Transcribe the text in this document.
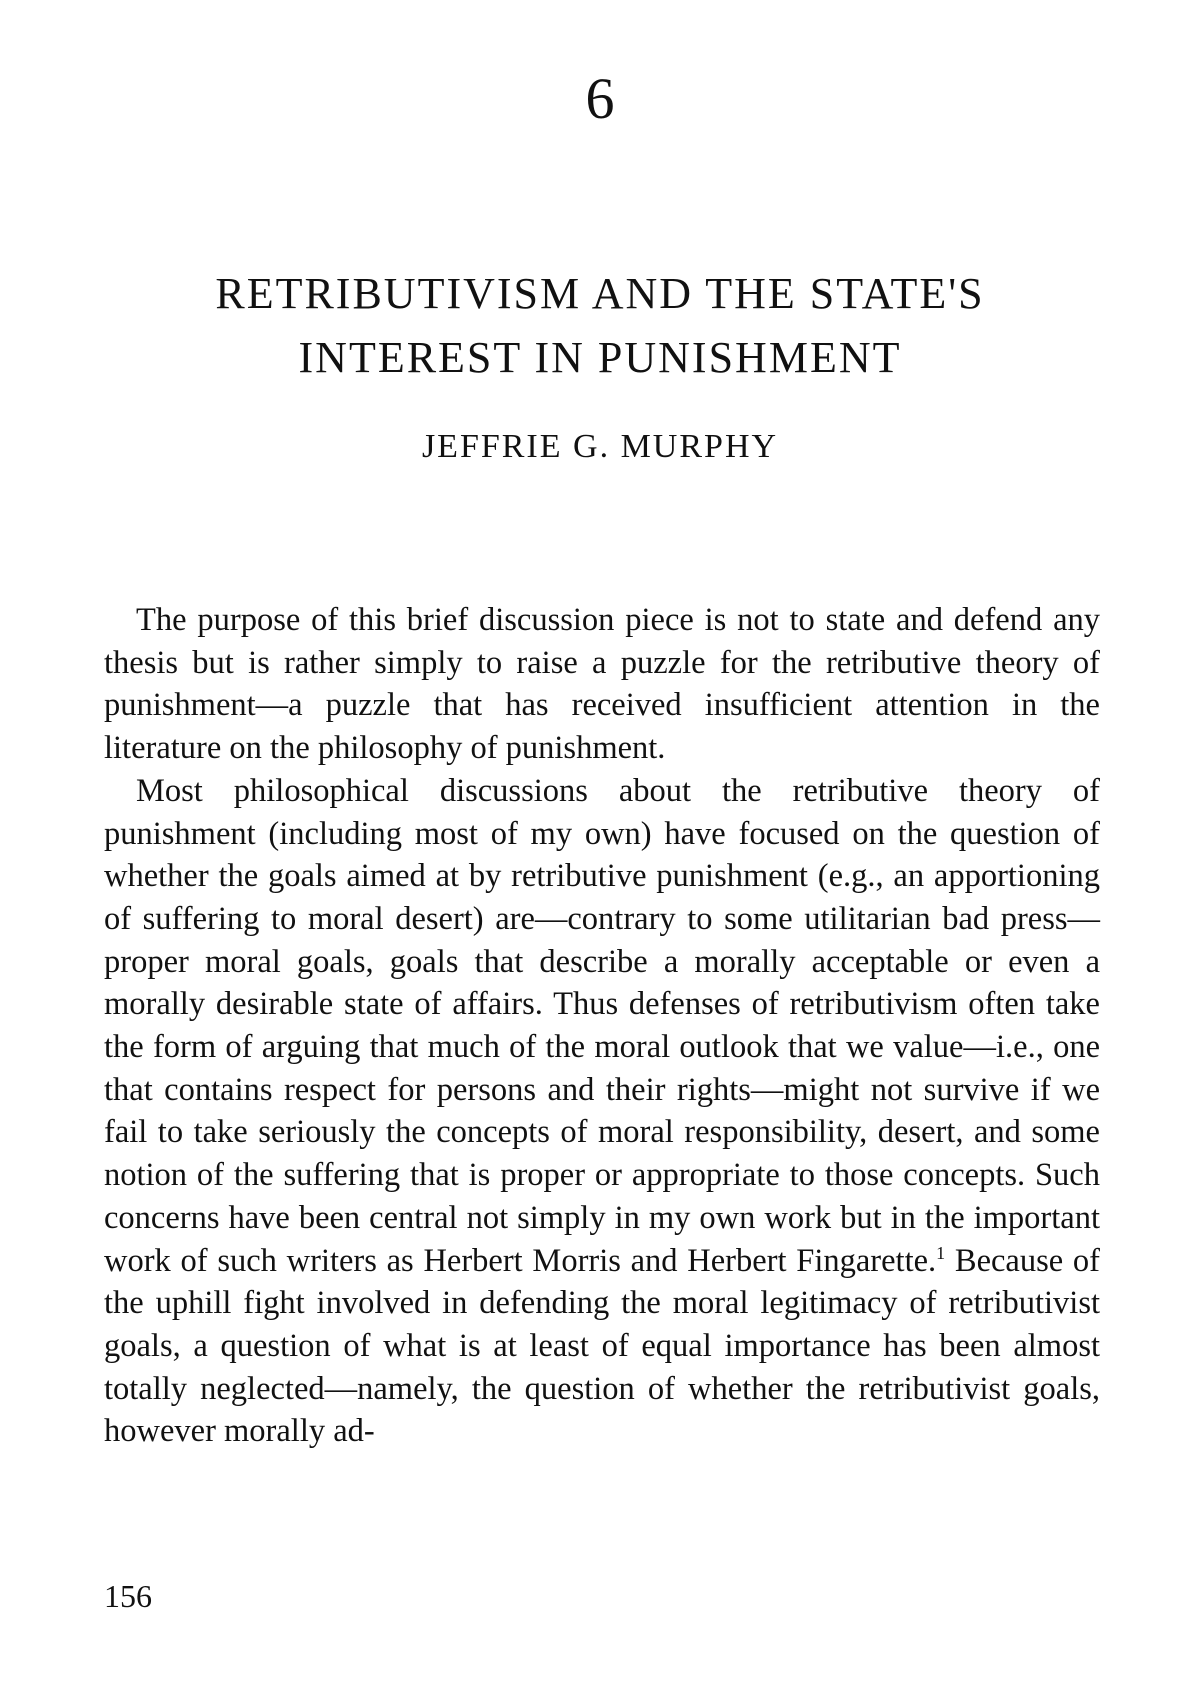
6
RETRIBUTIVISM AND THE STATE'S
INTEREST IN PUNISHMENT
JEFFRIE G. MURPHY

The purpose of this brief discussion piece is not to state and defend any thesis but is rather simply to raise a puzzle for the retributive theory of punishment—a puzzle that has received insufficient attention in the literature on the philosophy of punishment.

Most philosophical discussions about the retributive theory of punishment (including most of my own) have focused on the question of whether the goals aimed at by retributive punishment (e.g., an apportioning of suffering to moral desert) are—contrary to some utilitarian bad press—proper moral goals, goals that describe a morally acceptable or even a morally desirable state of affairs. Thus defenses of retributivism often take the form of arguing that much of the moral outlook that we value—i.e., one that contains respect for persons and their rights—might not survive if we fail to take seriously the concepts of moral responsibility, desert, and some notion of the suffering that is proper or appropriate to those concepts. Such concerns have been central not simply in my own work but in the important work of such writers as Herbert Morris and Herbert Fingarette.$^1$ Because of the uphill fight involved in defending the moral legitimacy of retributivist goals, a question of what is at least of equal importance has been almost totally neglected—namely, the question of whether the retributivist goals, however morally ad-

156
